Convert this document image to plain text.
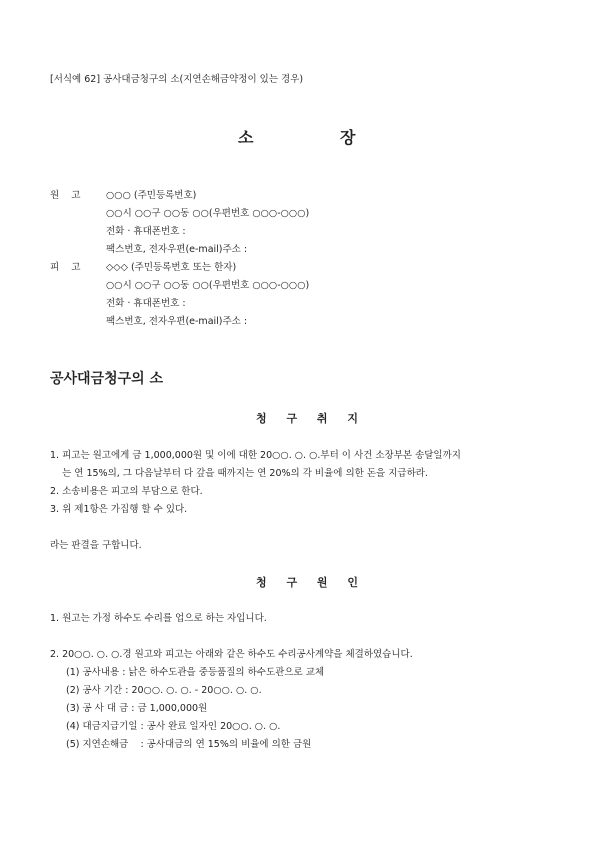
[서식예 62] 공사대금청구의 소(지연손해금약정이 있는 경우)
소	장
원    고	○○○ (주민등록번호)
○○시 ○○구 ○○동 ○○(우편번호 ○○○-○○○)
전화 · 휴대폰번호 :
팩스번호, 전자우편(e-mail)주소 :
피    고	◇◇◇ (주민등록번호 또는 한자)
○○시 ○○구 ○○동 ○○(우편번호 ○○○-○○○)
전화 · 휴대폰번호 :
팩스번호, 전자우편(e-mail)주소 :
공사대금청구의 소
청 구 취 지
1. 피고는 원고에게 금 1,000,000원 및 이에 대한 20○○. ○. ○.부터 이 사건 소장부본 송달일까지
는 연 15%의, 그 다음날부터 다 갚을 때까지는 연 20%의 각 비율에 의한 돈을 지급하라.
2. 소송비용은 피고의 부담으로 한다.
3. 위 제1항은 가집행 할 수 있다.
라는 판결을 구합니다.
청 구 원 인
1. 원고는 가정 하수도 수리를 업으로 하는 자입니다.
2. 20○○. ○. ○.경 원고와 피고는 아래와 같은 하수도 수리공사계약을 체결하였습니다.
(1) 공사내용 : 낡은 하수도관을 중등품질의 하수도관으로 교체
(2) 공사 기간 : 20○○. ○. ○. - 20○○. ○. ○.
(3) 공 사 대 금 : 금 1,000,000원
(4) 대금지급기일 : 공사 완료 일자인 20○○. ○. ○.
(5) 지연손해금    : 공사대금의 연 15%의 비율에 의한 금원
